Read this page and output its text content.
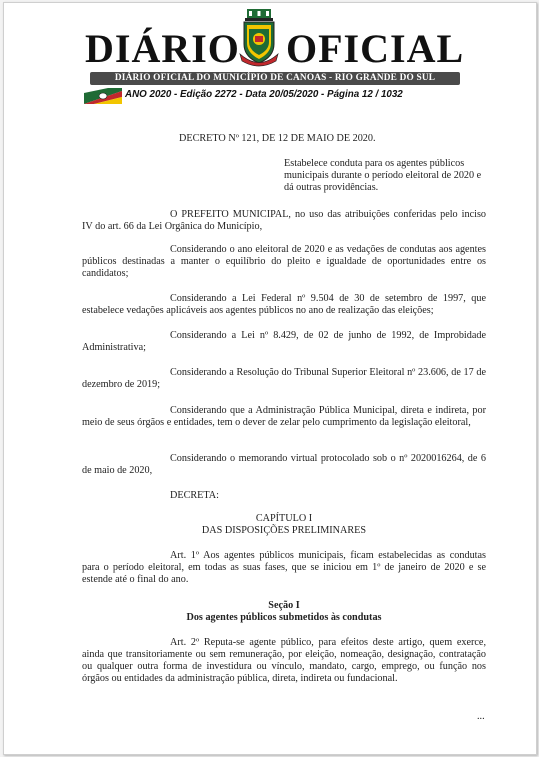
DIÁRIO OFICIAL
DIÁRIO OFICIAL DO MUNICÍPIO DE CANOAS - RIO GRANDE DO SUL
ANO 2020 - Edição 2272 - Data 20/05/2020 - Página 12 / 1032
DECRETO Nº 121, DE 12 DE MAIO DE 2020.
Estabelece conduta para os agentes públicos municipais durante o período eleitoral de 2020 e dá outras providências.
O PREFEITO MUNICIPAL, no uso das atribuições conferidas pelo inciso IV do art. 66 da Lei Orgânica do Município,
Considerando o ano eleitoral de 2020 e as vedações de condutas aos agentes públicos destinadas a manter o equilíbrio do pleito e igualdade de oportunidades entre os candidatos;
Considerando a Lei Federal nº 9.504 de 30 de setembro de 1997, que estabelece vedações aplicáveis aos agentes públicos no ano de realização das eleições;
Considerando a Lei nº 8.429, de 02 de junho de 1992, de Improbidade Administrativa;
Considerando a Resolução do Tribunal Superior Eleitoral nº 23.606, de 17 de dezembro de 2019;
Considerando que a Administração Pública Municipal, direta e indireta, por meio de seus órgãos e entidades, tem o dever de zelar pelo cumprimento da legislação eleitoral,
Considerando o memorando virtual protocolado sob o nº 2020016264, de 6 de maio de 2020,
DECRETA:
CAPÍTULO I
DAS DISPOSIÇÕES PRELIMINARES
Art. 1º Aos agentes públicos municipais, ficam estabelecidas as condutas para o período eleitoral, em todas as suas fases, que se iniciou em 1º de janeiro de 2020 e se estende até o final do ano.
Seção I
Dos agentes públicos submetidos às condutas
Art. 2º Reputa-se agente público, para efeitos deste artigo, quem exerce, ainda que transitoriamente ou sem remuneração, por eleição, nomeação, designação, contratação ou qualquer outra forma de investidura ou vínculo, mandato, cargo, emprego, ou função nos órgãos ou entidades da administração pública, direta, indireta ou fundacional.
...
